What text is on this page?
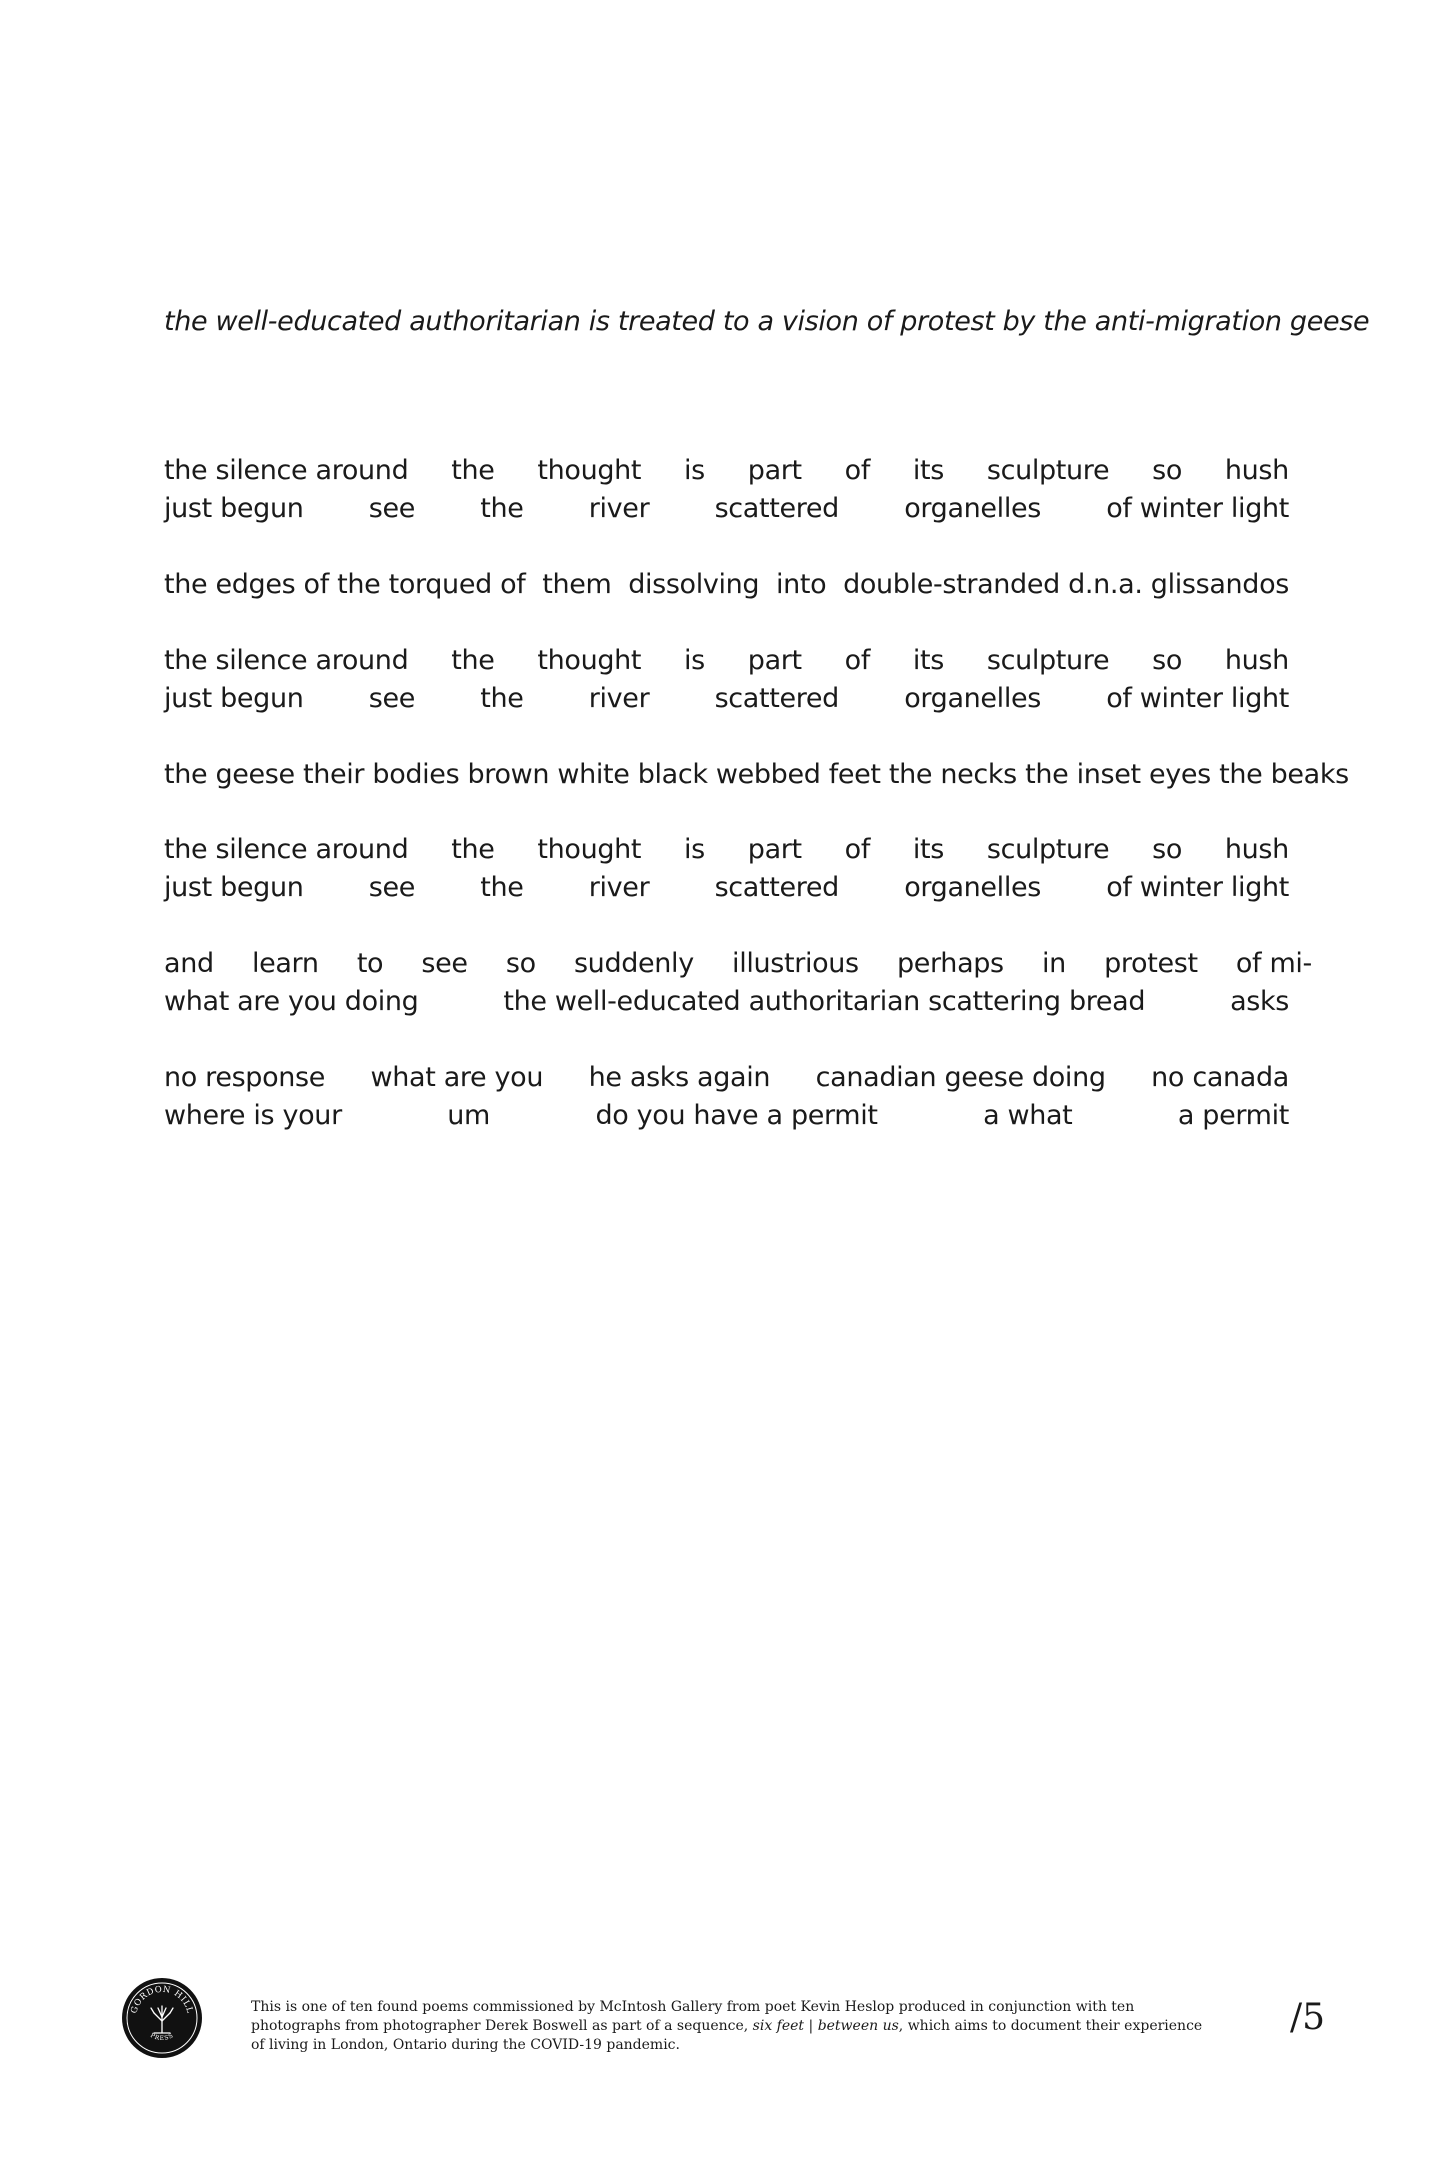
the well-educated authoritarian is treated to a vision of protest by the anti-migration geese
the silence around the thought is part of its sculpture so hush
just begun see the river scattered organelles of winter light
the edges of the torqued of them dissolving into double-stranded d.n.a. glissandos
the silence around the thought is part of its sculpture so hush
just begun see the river scattered organelles of winter light
the geese their bodies brown white black webbed feet the necks the inset eyes the beaks
the silence around the thought is part of its sculpture so hush
just begun see the river scattered organelles of winter light
and learn to see so suddenly illustrious perhaps in protest of mi-
what are you doing	the well-educated authoritarian scattering bread	asks
no response what are you he asks again canadian geese doing no canada
where is your	um	do you have a permit	a what	a permit
GORDON HILL
PRESS
This is one of ten found poems commissioned by McIntosh Gallery from poet Kevin Heslop produced in conjunction with ten photographs from photographer Derek Boswell as part of a sequence, six feet | between us, which aims to document their experience of living in London, Ontario during the COVID-19 pandemic.
/5
